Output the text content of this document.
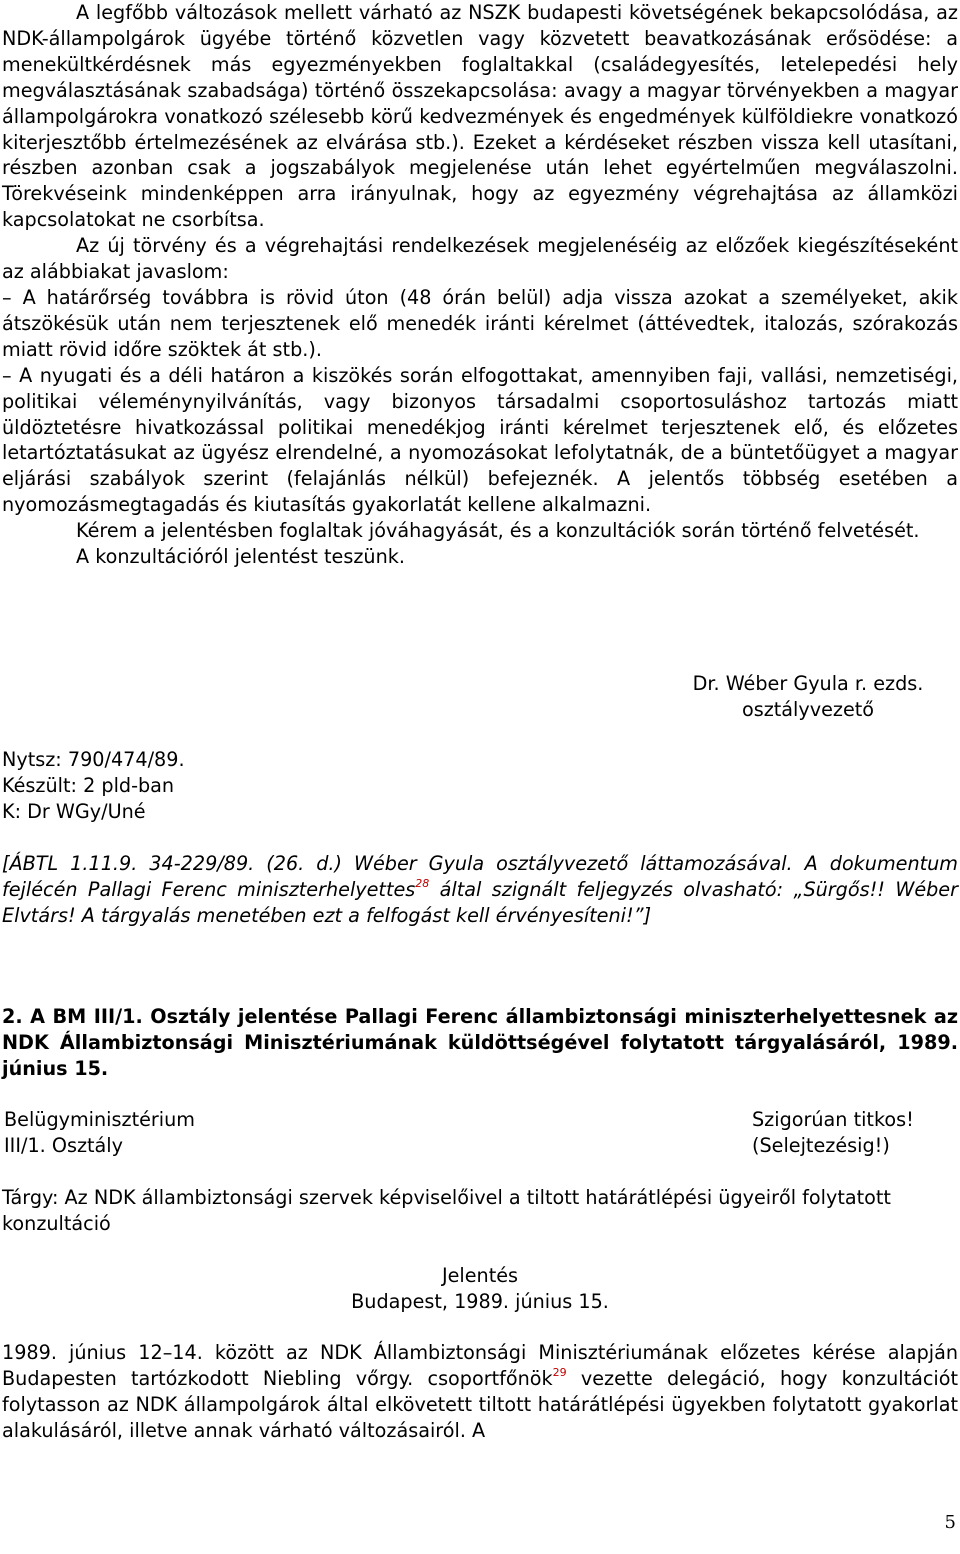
A legfőbb változások mellett várható az NSZK budapesti követségének bekapcsolódása, az NDK-állampolgárok ügyébe történő közvetlen vagy közvetett beavatkozásának erősödése: a menekültkérdésnek más egyezményekben foglaltakkal (családegyesítés, letelepedési hely megválasztásának szabadsága) történő összekapcsolása: avagy a magyar törvényekben a magyar állampolgárokra vonatkozó szélesebb körű kedvezmények és engedmények külföldiekre vonatkozó kiterjesztőbb értelmezésének az elvárása stb.). Ezeket a kérdéseket részben vissza kell utasítani, részben azonban csak a jogszabályok megjelenése után lehet egyértelműen megválaszolni. Törekvéseink mindenképpen arra irányulnak, hogy az egyezmény végrehajtása az államközi kapcsolatokat ne csorbítsa.

Az új törvény és a végrehajtási rendelkezések megjelenéséig az előzőek kiegészítéseként az alábbiakat javaslom:

– A határőrség továbbra is rövid úton (48 órán belül) adja vissza azokat a személyeket, akik átszökésük után nem terjesztenek elő menedék iránti kérelmet (áttévedtek, italozás, szórakozás miatt rövid időre szöktek át stb.).

– A nyugati és a déli határon a kiszökés során elfogottakat, amennyiben faji, vallási, nemzetiségi, politikai véleménynyilvánítás, vagy bizonyos társadalmi csoportosuláshoz tartozás miatt üldöztetésre hivatkozással politikai menedékjog iránti kérelmet terjesztenek elő, és előzetes letartóztatásukat az ügyész elrendelné, a nyomozásokat lefolytatnák, de a büntetőügyet a magyar eljárási szabályok szerint (felajánlás nélkül) befejeznék. A jelentős többség esetében a nyomozásmegtagadás és kiutasítás gyakorlatát kellene alkalmazni.

Kérem a jelentésben foglaltak jóváhagyását, és a konzultációk során történő felvetését.

A konzultációról jelentést teszünk.

Dr. Wéber Gyula r. ezds.

osztályvezető

Nytsz: 790/474/89.

Készült: 2 pld-ban

K: Dr WGy/Uné

[ÁBTL 1.11.9. 34-229/89. (26. d.) Wéber Gyula osztályvezető láttamozásával. A dokumentum fejlécén Pallagi Ferenc miniszterhelyettes$^{28}$ által szignált feljegyzés olvasható: „Sürgős!! Wéber Elvtárs! A tárgyalás menetében ezt a felfogást kell érvényesíteni!”]

2. A BM III/1. Osztály jelentése Pallagi Ferenc állambiztonsági miniszterhelyettesnek az NDK Állambiztonsági Minisztériumának küldöttségével folytatott tárgyalásáról, 1989. június 15.

Belügyminisztérium

III/1. Osztály

Szigorúan titkos!

(Selejtezésig!)

Tárgy: Az NDK állambiztonsági szervek képviselőivel a tiltott határátlépési ügyeiről folytatott konzultáció

Jelentés

Budapest, 1989. június 15.

1989. június 12–14. között az NDK Állambiztonsági Minisztériumának előzetes kérése alapján Budapesten tartózkodott Niebling vőrgy. csoportfőnök$^{29}$ vezette delegáció, hogy konzultációt folytasson az NDK állampolgárok által elkövetett tiltott határátlépési ügyekben folytatott gyakorlat alakulásáról, illetve annak várható változásairól. A

5
